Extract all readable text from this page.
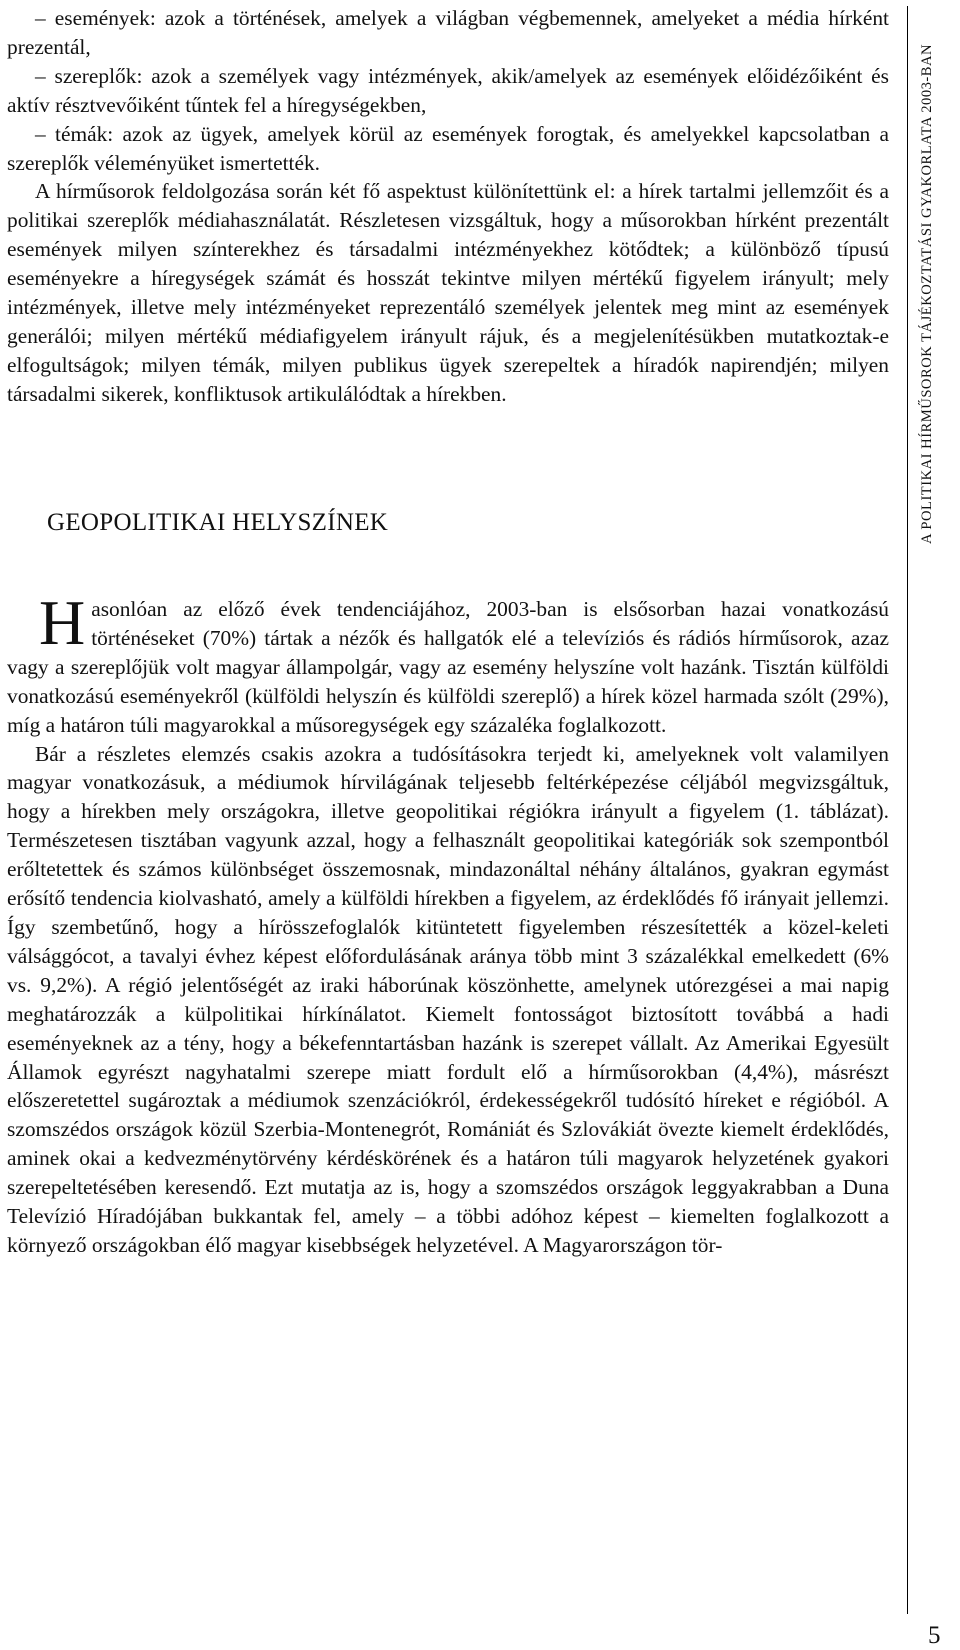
– események: azok a történések, amelyek a világban végbemennek, amelyeket a média hírként prezentál,

– szereplők: azok a személyek vagy intézmények, akik/amelyek az események előidézőiként és aktív résztvevőiként tűntek fel a híregységekben,

– témák: azok az ügyek, amelyek körül az események forogtak, és amelyekkel kapcsolatban a szereplők véleményüket ismertették.

A hírműsorok feldolgozása során két fő aspektust különítettünk el: a hírek tartalmi jellemzőit és a politikai szereplők médiahasználatát. Részletesen vizsgáltuk, hogy a műsorokban hírként prezentált események milyen színterekhez és társadalmi intézményekhez kötődtek; a különböző típusú eseményekre a híregységek számát és hosszát tekintve milyen mértékű figyelem irányult; mely intézmények, illetve mely intézményeket reprezentáló személyek jelentek meg mint az események generálói; milyen mértékű médiafigyelem irányult rájuk, és a megjelenítésükben mutatkoztak-e elfogultságok; milyen témák, milyen publikus ügyek szerepeltek a híradók napirendjén; milyen társadalmi sikerek, konfliktusok artikulálódtak a hírekben.

GEOPOLITIKAI HELYSZÍNEK

Hasonlóan az előző évek tendenciájához, 2003-ban is elsősorban hazai vonatkozású történéseket (70%) tártak a nézők és hallgatók elé a televíziós és rádiós hírműsorok, azaz vagy a szereplőjük volt magyar állampolgár, vagy az esemény helyszíne volt hazánk. Tisztán külföldi vonatkozású eseményekről (külföldi helyszín és külföldi szereplő) a hírek közel harmada szólt (29%), míg a határon túli magyarokkal a műsoregységek egy százaléka foglalkozott.

Bár a részletes elemzés csakis azokra a tudósításokra terjedt ki, amelyeknek volt valamilyen magyar vonatkozásuk, a médiumok hírvilágának teljesebb feltérképezése céljából megvizsgáltuk, hogy a hírekben mely országokra, illetve geopolitikai régiókra irányult a figyelem (1. táblázat). Természetesen tisztában vagyunk azzal, hogy a felhasznált geopolitikai kategóriák sok szempontból erőltetettek és számos különbséget összemosnak, mindazonáltal néhány általános, gyakran egymást erősítő tendencia kiolvasható, amely a külföldi hírekben a figyelem, az érdeklődés fő irányait jellemzi. Így szembetűnő, hogy a hírösszefoglalók kitüntetett figyelemben részesítették a közel-keleti válsággócot, a tavalyi évhez képest előfordulásának aránya több mint 3 százalékkal emelkedett (6% vs. 9,2%). A régió jelentőségét az iraki háborúnak köszönhette, amelynek utórezgései a mai napig meghatározzák a külpolitikai hírkínálatot. Kiemelt fontosságot biztosított továbbá a hadi eseményeknek az a tény, hogy a békefenntartásban hazánk is szerepet vállalt. Az Amerikai Egyesült Államok egyrészt nagyhatalmi szerepe miatt fordult elő a hírműsorokban (4,4%), másrészt előszeretettel sugároztak a médiumok szenzációkról, érdekességekről tudósító híreket e régióból. A szomszédos országok közül Szerbia-Montenegrót, Romániát és Szlovákiát övezte kiemelt érdeklődés, aminek okai a kedvezménytörvény kérdéskörének és a határon túli magyarok helyzetének gyakori szerepeltetésében keresendő. Ezt mutatja az is, hogy a szomszédos országok leggyakrabban a Duna Televízió Híradójában bukkantak fel, amely – a többi adóhoz képest – kiemelten foglalkozott a környező országokban élő magyar kisebbségek helyzetével. A Magyarországon tör-

A POLITIKAI HÍRMŰSOROK TÁJÉKOZTATÁSI GYAKORLATA 2003-BAN
5
